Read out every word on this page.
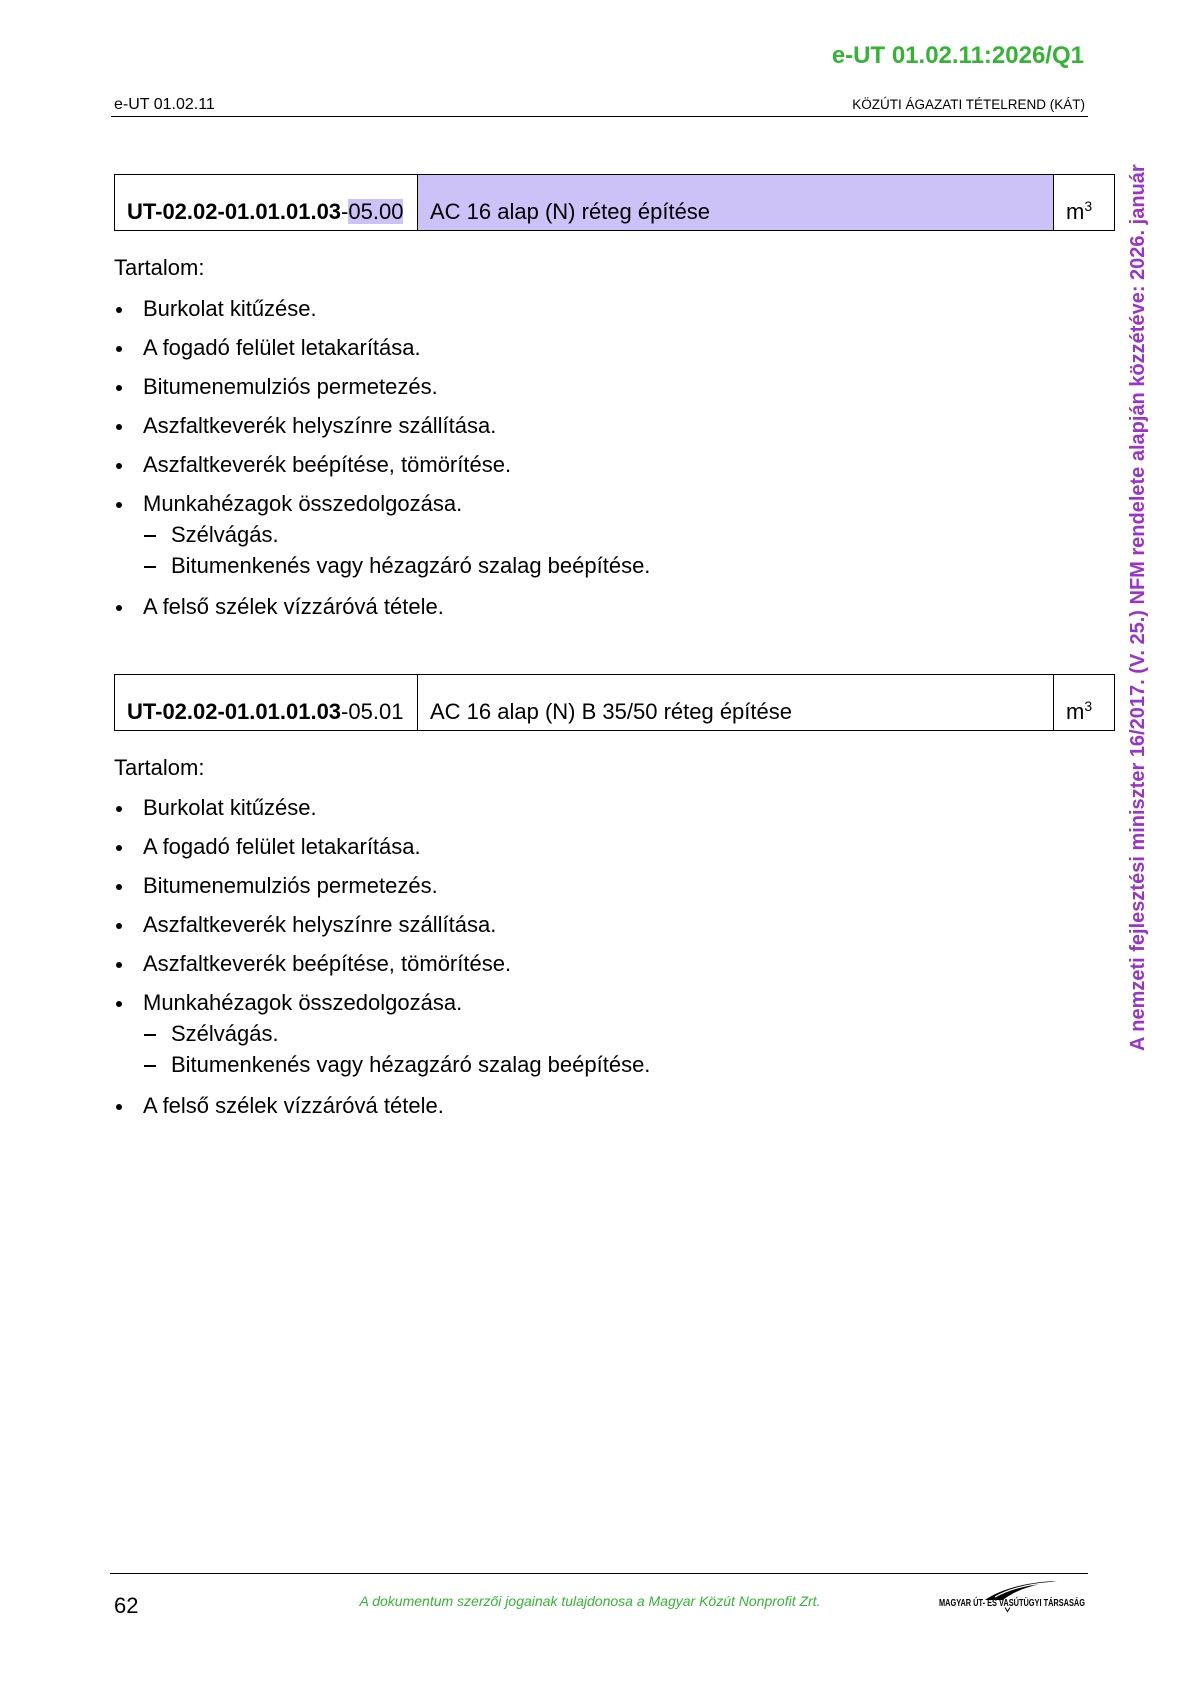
e-UT 01.02.11:2026/Q1
e-UT 01.02.11	KÖZÚTI ÁGAZATI TÉTELREND (KÁT)
UT-02.02-01.01.01.03-05.00	AC 16 alap (N) réteg építése	$m^3$
Tartalom:
Burkolat kitűzése.
A fogadó felület letakarítása.
Bitumenemulziós permetezés.
Aszfaltkeverék helyszínre szállítása.
Aszfaltkeverék beépítése, tömörítése.
Munkahézagok összedolgozása.
Szélvágás.
Bitumenkenés vagy hézagzáró szalag beépítése.
A felső szélek vízzáróvá tétele.
UT-02.02-01.01.01.03-05.01	AC 16 alap (N) B 35/50 réteg építése	$m^3$
Tartalom:
Burkolat kitűzése.
A fogadó felület letakarítása.
Bitumenemulziós permetezés.
Aszfaltkeverék helyszínre szállítása.
Aszfaltkeverék beépítése, tömörítése.
Munkahézagok összedolgozása.
Szélvágás.
Bitumenkenés vagy hézagzáró szalag beépítése.
A felső szélek vízzáróvá tétele.
A nemzeti fejlesztési miniszter 16/2017. (V. 25.) NFM rendelete alapján közzétéve: 2026. január
62	A dokumentum szerzői jogainak tulajdonosa a Magyar Közút Nonprofit Zrt.	MAGYAR ÚT- ÉS VASÚTÜGYI TÁRSASÁG
